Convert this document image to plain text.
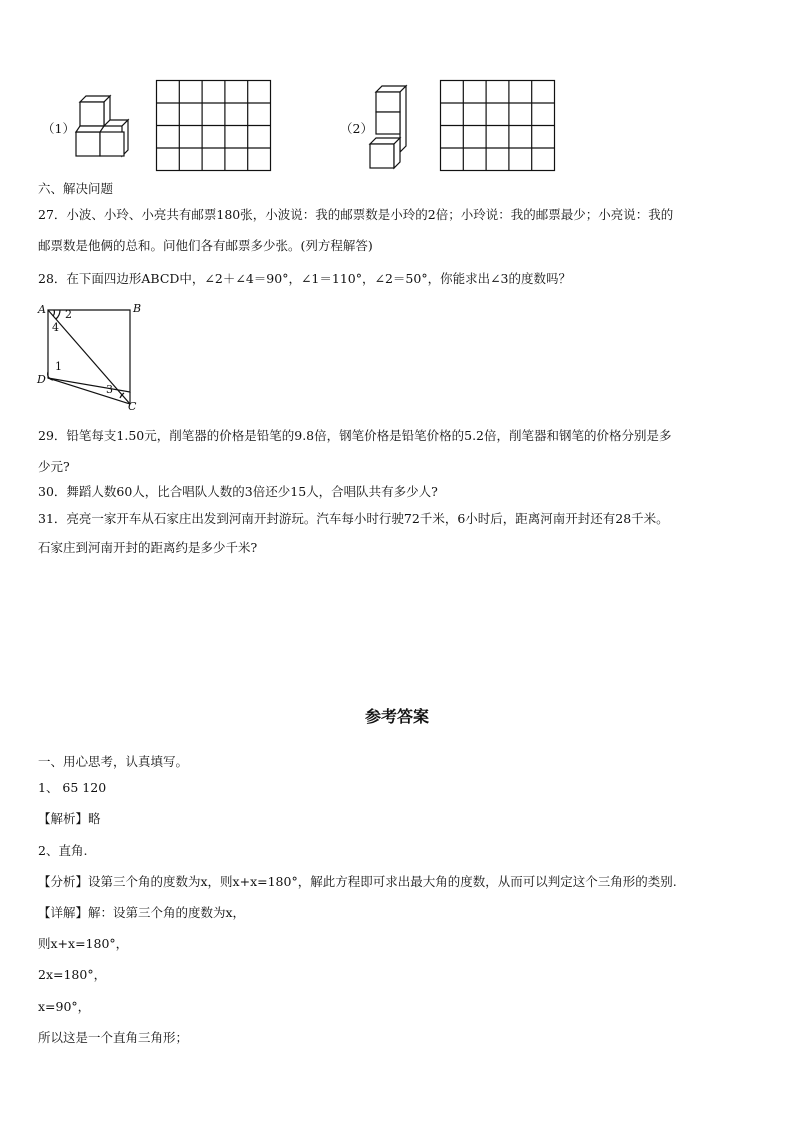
（1）	（2）
六、解决问题
27．小波、小玲、小亮共有邮票180张，小波说：我的邮票数是小玲的2倍；小玲说：我的邮票最少；小亮说：我的
邮票数是他俩的总和。问他们各有邮票多少张。(列方程解答)
28．在下面四边形ABCD中，∠2＋∠4＝90°，∠1＝110°，∠2＝50°，你能求出∠3的度数吗？
A	B
C
D
2
4
1
3
29．铅笔每支1.50元，削笔器的价格是铅笔的9.8倍，钢笔价格是铅笔价格的5.2倍，削笔器和钢笔的价格分别是多
少元?
30．舞蹈人数60人，比合唱队人数的3倍还少15人，合唱队共有多少人?
31．亮亮一家开车从石家庄出发到河南开封游玩。汽车每小时行驶72千米，6小时后，距离河南开封还有28千米。
石家庄到河南开封的距离约是多少千米?
参考答案
一、用心思考，认真填写。
1、 65 120
【解析】略
2、直角.
【分析】设第三个角的度数为x，则x+x=180°，解此方程即可求出最大角的度数，从而可以判定这个三角形的类别.
【详解】解：设第三个角的度数为x，
则x+x=180°，
2x=180°，
x=90°，
所以这是一个直角三角形；
